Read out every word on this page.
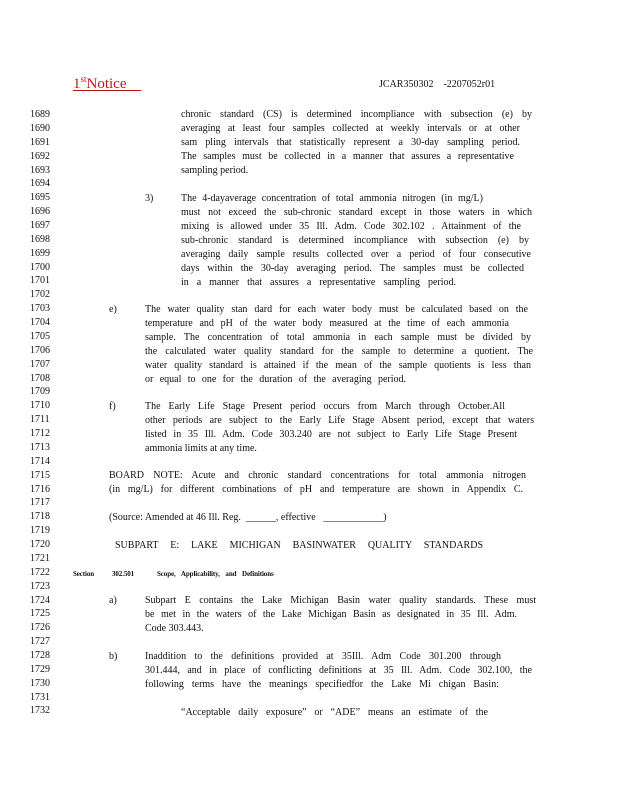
1stNotice	JCAR350302    -2207052r01
1689
1690
1691
1692
1693
1694
1695
1696
1697
1698
1699
1700
1701
1702
1703
1704
1705
1706
1707
1708
1709
1710
1711
1712
1713
1714
1715
1716
1717
1718
1719
1720
1721
1722
1723
1724
1725
1726
1727
1728
1729
1730
1731
1732
chronic standard (CS) is determined incompliance with subsection (e) by
averaging at least four samples collected at weekly intervals or at other
sam pling intervals that statistically represent a 30-day sampling period.
The samples must be collected in a manner that assures a representative
sampling period.
3)	The 4-dayaverage concentration of total ammonia nitrogen (in mg/L)
must not exceed the sub-chronic standard except in those waters in which
mixing is allowed under 35 Ill. Adm. Code 302.102 . Attainment of the
sub-chronic standard is determined incompliance with subsection (e) by
averaging daily sample results collected over a period of four consecutive
days within the 30-day averaging period. The samples must be collected
in a manner that assures a representative sampling period.
e)	The water quality stan dard for each water body must be calculated based on the
temperature and pH of the water body measured at the time of each ammonia
sample. The concentration of total ammonia in each sample must be divided by
the calculated water quality standard for the sample to determine a quotient. The
water quality standard is attained if the mean of the sample quotients is less than
or equal to one for the duration of the averaging period.
f)	The Early Life Stage Present period occurs from March through October.All
other periods are subject to the Early Life Stage Absent period, except that waters
listed in 35 Ill. Adm. Code 303.240 are not subject to Early Life Stage Present
ammonia limits at any time.
BOARD NOTE: Acute and chronic standard concentrations for total ammonia nitrogen
(in mg/L) for different combinations of pH and temperature are shown in Appendix C.
(Source: Amended at 46 Ill. Reg. ______, effective ____________)
SUBPART E: LAKE MICHIGAN BASINWATER QUALITY STANDARDS
Section	302.501	Scope, Applicability, and Definitions
a)	Subpart E contains the Lake Michigan Basin water quality standards. These must
be met in the waters of the Lake Michigan Basin as designated in 35 Ill. Adm.
Code 303.443.
b)	Inaddition to the definitions provided at 35Ill. Adm Code 301.200 through
301.444, and in place of conflicting definitions at 35 Ill. Adm. Code 302.100, the
following terms have the meanings specifiedfor the Lake Mi chigan Basin:
“Acceptable daily exposure” or “ADE” means an estimate of the
